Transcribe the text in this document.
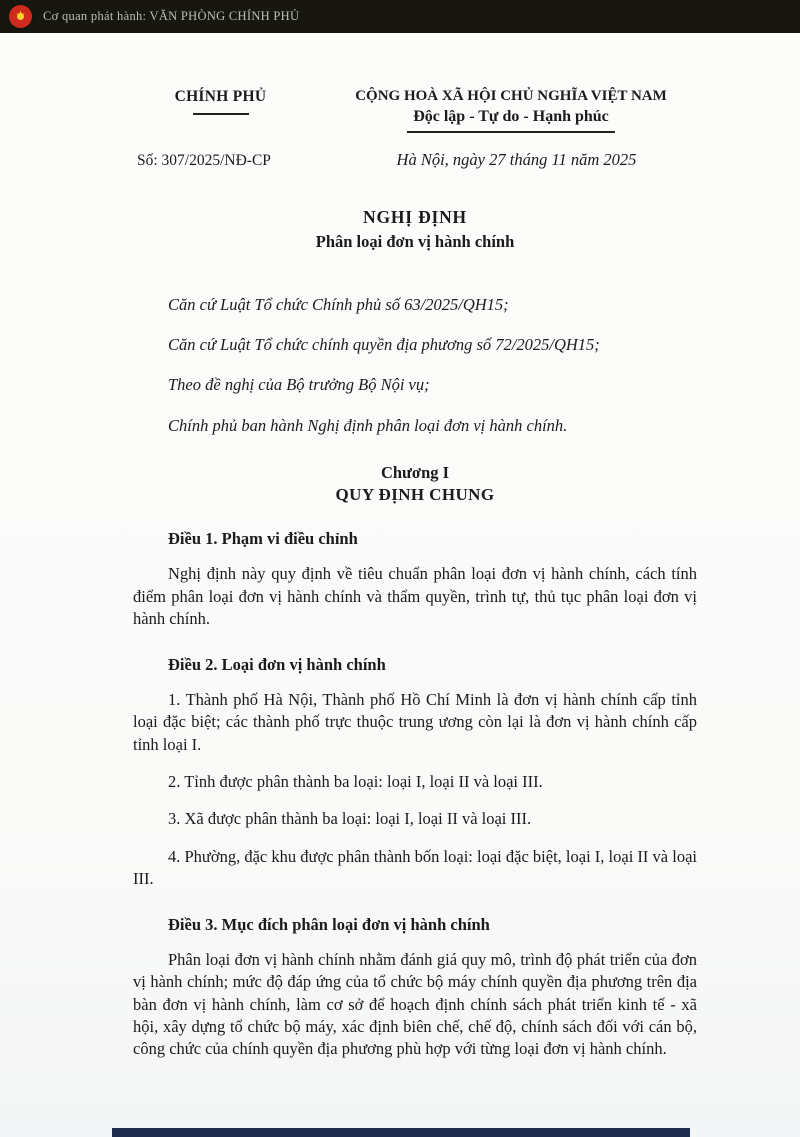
★ Cơ quan phát hành: VĂN PHÒNG CHÍNH PHỦ
CHÍNH PHỦ	CỘNG HOÀ XÃ HỘI CHỦ NGHĨA VIỆT NAM
Độc lập - Tự do - Hạnh phúc
Số: 307/2025/NĐ-CP	Hà Nội, ngày 27 tháng 11 năm 2025
NGHỊ ĐỊNH
Phân loại đơn vị hành chính

Căn cứ Luật Tổ chức Chính phủ số 63/2025/QH15;

Căn cứ Luật Tổ chức chính quyền địa phương số 72/2025/QH15;

Theo đề nghị của Bộ trưởng Bộ Nội vụ;

Chính phủ ban hành Nghị định phân loại đơn vị hành chính.

Chương I
QUY ĐỊNH CHUNG
Điều 1. Phạm vi điều chỉnh

Nghị định này quy định về tiêu chuẩn phân loại đơn vị hành chính, cách tính điểm phân loại đơn vị hành chính và thẩm quyền, trình tự, thủ tục phân loại đơn vị hành chính.

Điều 2. Loại đơn vị hành chính

1. Thành phố Hà Nội, Thành phố Hồ Chí Minh là đơn vị hành chính cấp tỉnh loại đặc biệt; các thành phố trực thuộc trung ương còn lại là đơn vị hành chính cấp tỉnh loại I.

2. Tỉnh được phân thành ba loại: loại I, loại II và loại III.

3. Xã được phân thành ba loại: loại I, loại II và loại III.

4. Phường, đặc khu được phân thành bốn loại: loại đặc biệt, loại I, loại II và loại III.

Điều 3. Mục đích phân loại đơn vị hành chính

Phân loại đơn vị hành chính nhằm đánh giá quy mô, trình độ phát triển của đơn vị hành chính; mức độ đáp ứng của tổ chức bộ máy chính quyền địa phương trên địa bàn đơn vị hành chính, làm cơ sở để hoạch định chính sách phát triển kinh tế - xã hội, xây dựng tổ chức bộ máy, xác định biên chế, chế độ, chính sách đối với cán bộ, công chức của chính quyền địa phương phù hợp với từng loại đơn vị hành chính.
